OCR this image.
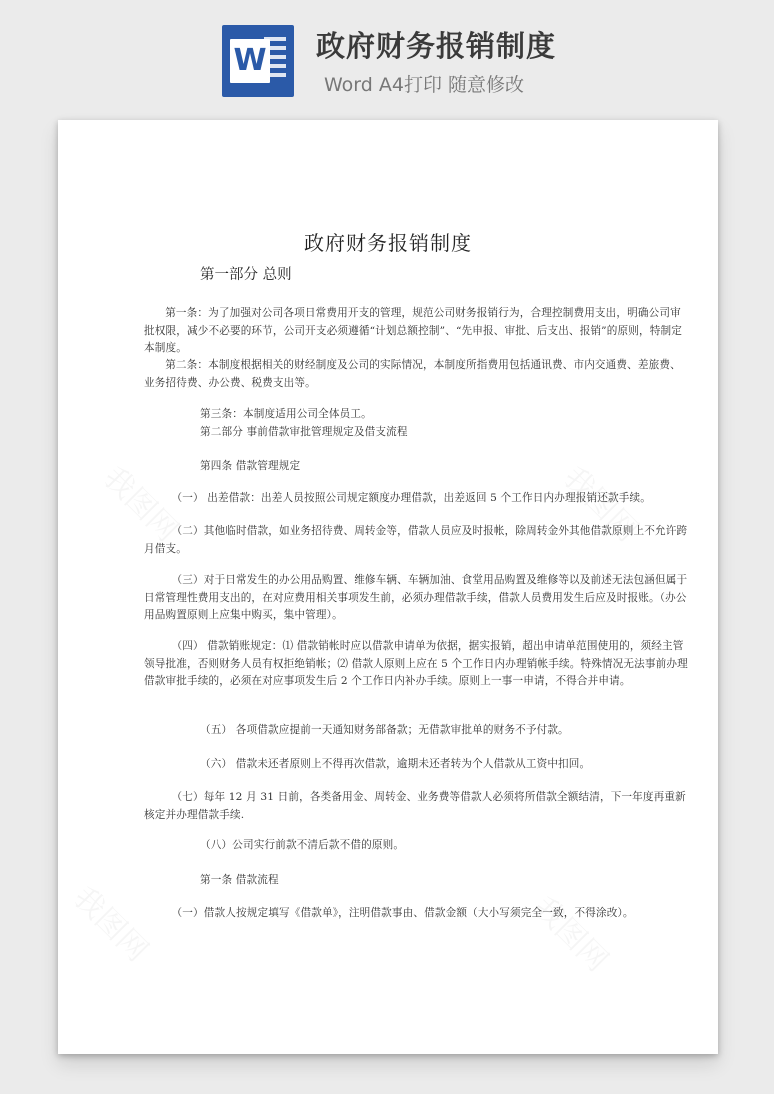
W 政府财务报销制度
Word A4打印 随意修改
政府财务报销制度
第一部分 总则
第一条：为了加强对公司各项日常费用开支的管理，规范公司财务报销行为，合理控制费用支出，明确公司审批权限，减少不必要的环节，公司开支必须遵循“计划总额控制”、“先申报、审批、后支出、报销”的原则，特制定本制度。
第二条：本制度根据相关的财经制度及公司的实际情况，本制度所指费用包括通讯费、市内交通费、差旅费、业务招待费、办公费、税费支出等。
第三条：本制度适用公司全体员工。
第二部分 事前借款审批管理规定及借支流程
第四条 借款管理规定
（一） 出差借款：出差人员按照公司规定额度办理借款，出差返回 5 个工作日内办理报销还款手续。
（二）其他临时借款，如业务招待费、周转金等，借款人员应及时报帐，除周转金外其他借款原则上不允许跨月借支。
（三）对于日常发生的办公用品购置、维修车辆、车辆加油、食堂用品购置及维修等以及前述无法包涵但属于日常管理性费用支出的，在对应费用相关事项发生前，必须办理借款手续，借款人员费用发生后应及时报账。（办公用品购置原则上应集中购买，集中管理）。
（四） 借款销账规定：⑴ 借款销帐时应以借款申请单为依据，据实报销，超出申请单范围使用的，须经主管领导批准，否则财务人员有权拒绝销帐；⑵ 借款人原则上应在 5 个工作日内办理销帐手续。特殊情况无法事前办理借款审批手续的，必须在对应事项发生后 2 个工作日内补办手续。原则上一事一申请，不得合并申请。
（五） 各项借款应提前一天通知财务部备款；无借款审批单的财务不予付款。
（六） 借款未还者原则上不得再次借款，逾期未还者转为个人借款从工资中扣回。
（七）每年 12 月 31 日前，各类备用金、周转金、业务费等借款人必须将所借款全额结清，下一年度再重新核定并办理借款手续.
（八）公司实行前款不清后款不借的原则。
第一条 借款流程
（一）借款人按规定填写《借款单》，注明借款事由、借款金额（大小写须完全一致，不得涂改）。
